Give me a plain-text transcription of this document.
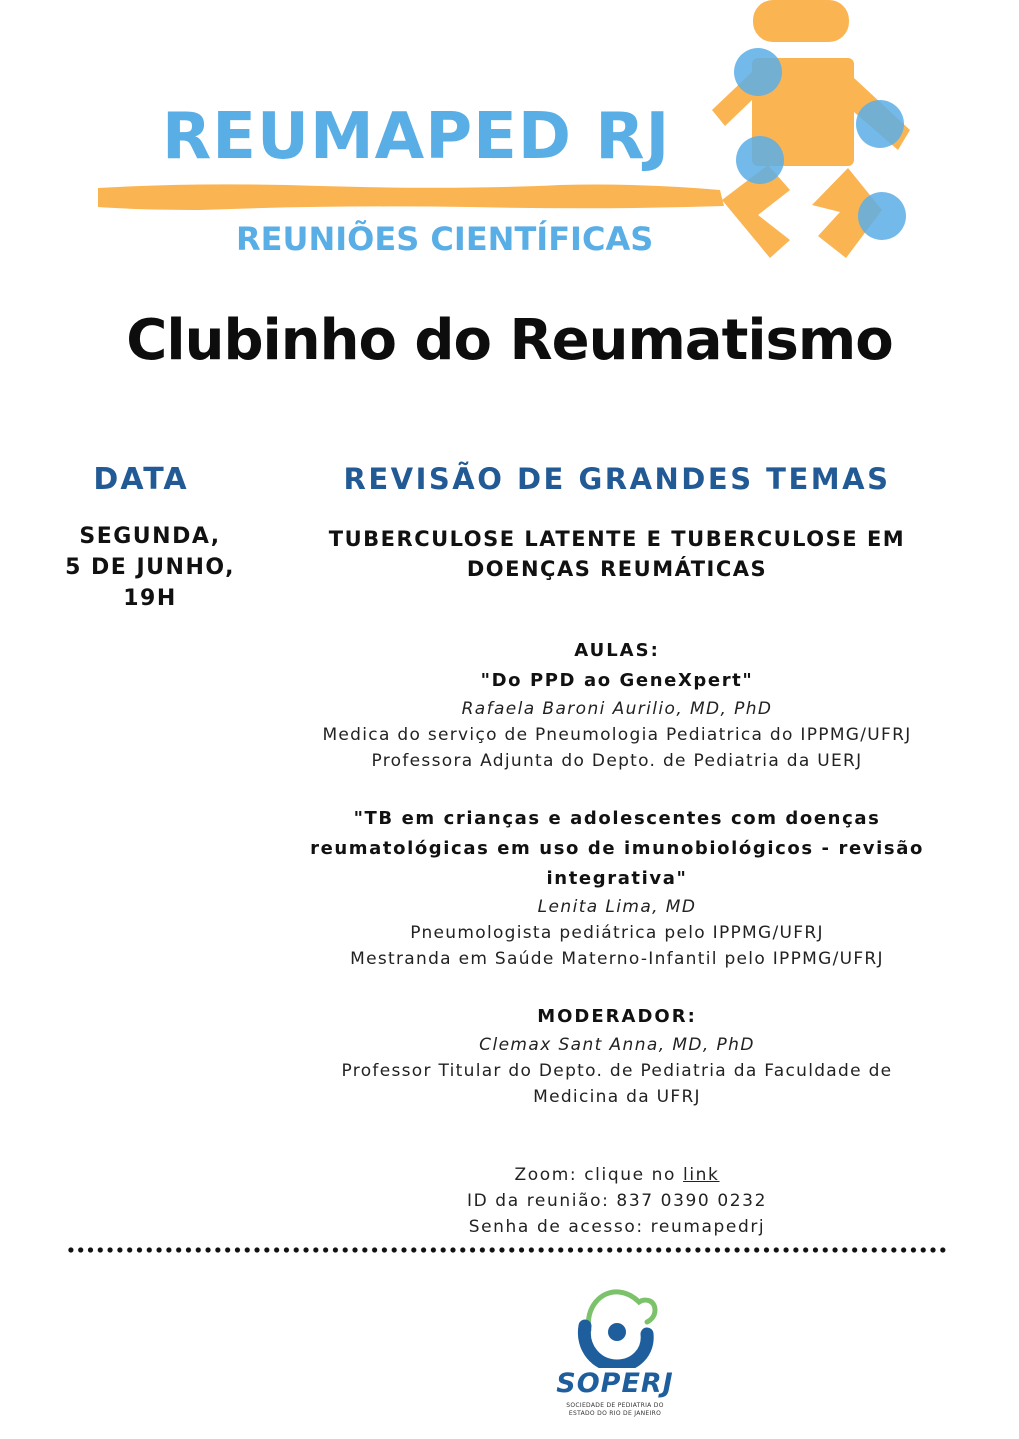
REUMAPED RJ
REUNIÕES CIENTÍFICAS
Clubinho do Reumatismo
DATA
SEGUNDA,
5 DE JUNHO,
19H
REVISÃO DE GRANDES TEMAS
TUBERCULOSE LATENTE E TUBERCULOSE EM
DOENÇAS REUMÁTICAS
AULAS:
"Do PPD ao GeneXpert"
Rafaela Baroni Aurilio, MD, PhD
Medica do serviço de Pneumologia Pediatrica do IPPMG/UFRJ
Professora Adjunta do Depto. de Pediatria da UERJ
"TB em crianças e adolescentes com doenças
reumatológicas em uso de imunobiológicos - revisão
integrativa"
Lenita Lima, MD
Pneumologista pediátrica pelo IPPMG/UFRJ
Mestranda em Saúde Materno-Infantil pelo IPPMG/UFRJ
MODERADOR:
Clemax Sant Anna, MD, PhD
Professor Titular do Depto. de Pediatria da Faculdade de
Medicina da UFRJ
Zoom: clique no link
ID da reunião: 837 0390 0232
Senha de acesso: reumapedrj
SOPERJ
SOCIEDADE DE PEDIATRIA DO
ESTADO DO RIO DE JANEIRO
